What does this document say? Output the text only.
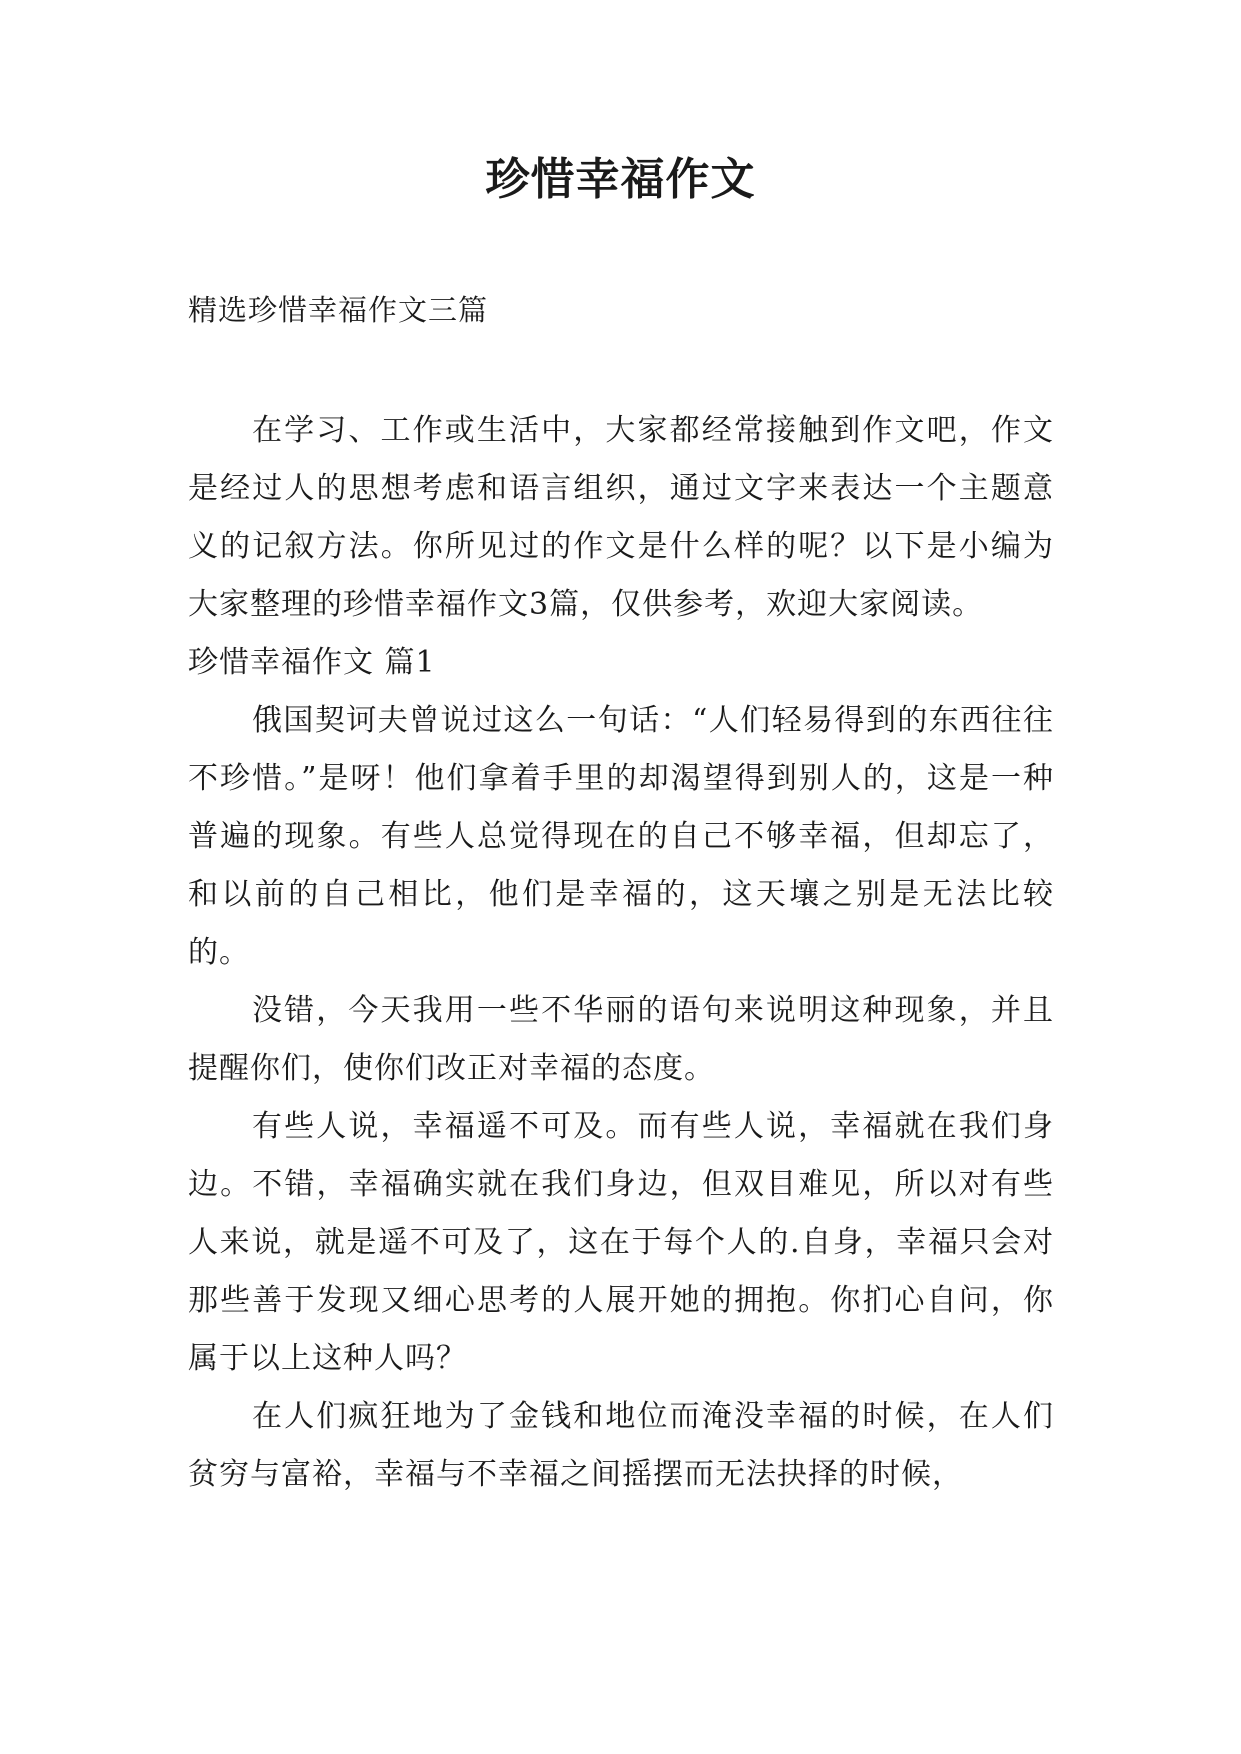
珍惜幸福作文

精选珍惜幸福作文三篇

在学习、工作或生活中，大家都经常接触到作文吧，作文是经过人的思想考虑和语言组织，通过文字来表达一个主题意义的记叙方法。你所见过的作文是什么样的呢？以下是小编为大家整理的珍惜幸福作文3篇，仅供参考，欢迎大家阅读。

珍惜幸福作文 篇1

俄国契诃夫曾说过这么一句话：“人们轻易得到的东西往往不珍惜。”是呀！他们拿着手里的却渴望得到别人的，这是一种普遍的现象。有些人总觉得现在的自己不够幸福，但却忘了，和以前的自己相比，他们是幸福的，这天壤之别是无法比较的。

没错，今天我用一些不华丽的语句来说明这种现象，并且提醒你们，使你们改正对幸福的态度。

有些人说，幸福遥不可及。而有些人说，幸福就在我们身边。不错，幸福确实就在我们身边，但双目难见，所以对有些人来说，就是遥不可及了，这在于每个人的.自身，幸福只会对那些善于发现又细心思考的人展开她的拥抱。你扪心自问，你属于以上这种人吗？

在人们疯狂地为了金钱和地位而淹没幸福的时候，在人们贫穷与富裕，幸福与不幸福之间摇摆而无法抉择的时候，
